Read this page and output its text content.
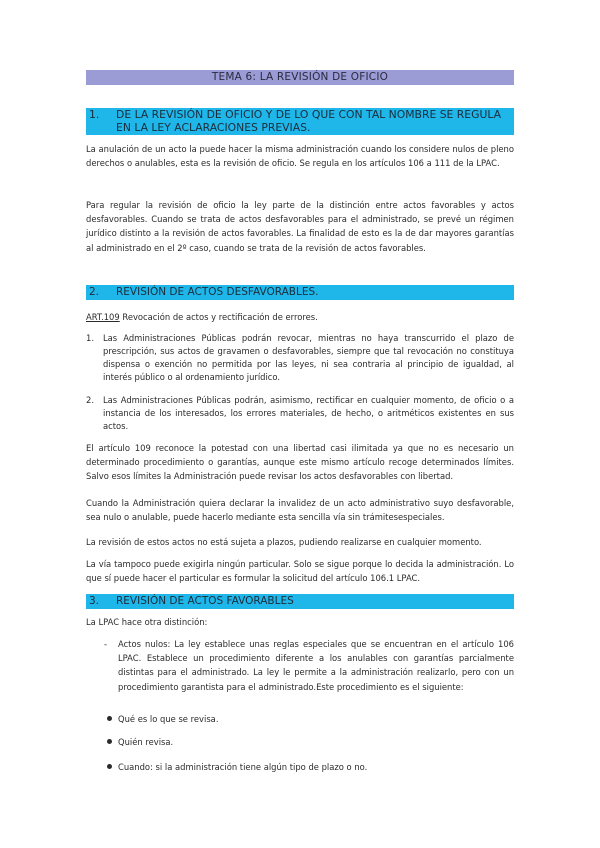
TEMA 6: LA REVISIÓN DE OFICIO
1. DE LA REVISIÓN DE OFICIO Y DE LO QUE CON TAL NOMBRE SE REGULA EN LA LEY ACLARACIONES PREVIAS.
La anulación de un acto la puede hacer la misma administración cuando los considere nulos de pleno derechos o anulables, esta es la revisión de oficio. Se regula en los artículos 106 a 111 de la LPAC.
Para regular la revisión de oficio la ley parte de la distinción entre actos favorables y actos desfavorables. Cuando se trata de actos desfavorables para el administrado, se prevé un régimen jurídico distinto a la revisión de actos favorables. La finalidad de esto es la de dar mayores garantías al administrado en el 2º caso, cuando se trata de la revisión de actos favorables.
2. REVISIÓN DE ACTOS DESFAVORABLES.
ART.109 Revocación de actos y rectificación de errores.
1. Las Administraciones Públicas podrán revocar, mientras no haya transcurrido el plazo de prescripción, sus actos de gravamen o desfavorables, siempre que tal revocación no constituya dispensa o exención no permitida por las leyes, ni sea contraria al principio de igualdad, al interés público o al ordenamiento jurídico.
2. Las Administraciones Públicas podrán, asimismo, rectificar en cualquier momento, de oficio o a instancia de los interesados, los errores materiales, de hecho, o aritméticos existentes en sus actos.
El artículo 109 reconoce la potestad con una libertad casi ilimitada ya que no es necesario un determinado procedimiento o garantías, aunque este mismo artículo recoge determinados límites. Salvo esos límites la Administración puede revisar los actos desfavorables con libertad.
Cuando la Administración quiera declarar la invalidez de un acto administrativo suyo desfavorable, sea nulo o anulable, puede hacerlo mediante esta sencilla vía sin trámitesespeciales.
La revisión de estos actos no está sujeta a plazos, pudiendo realizarse en cualquier momento.
La vía tampoco puede exigirla ningún particular. Solo se sigue porque lo decida la administración. Lo que sí puede hacer el particular es formular la solicitud del artículo 106.1 LPAC.
3. REVISIÓN DE ACTOS FAVORABLES
La LPAC hace otra distinción:
- Actos nulos: La ley establece unas reglas especiales que se encuentran en el artículo 106 LPAC. Establece un procedimiento diferente a los anulables con garantías parcialmente distintas para el administrado. La ley le permite a la administración realizarlo, pero con un procedimiento garantista para el administrado.Este procedimiento es el siguiente:
Qué es lo que se revisa.
Quién revisa.
Cuando: si la administración tiene algún tipo de plazo o no.
